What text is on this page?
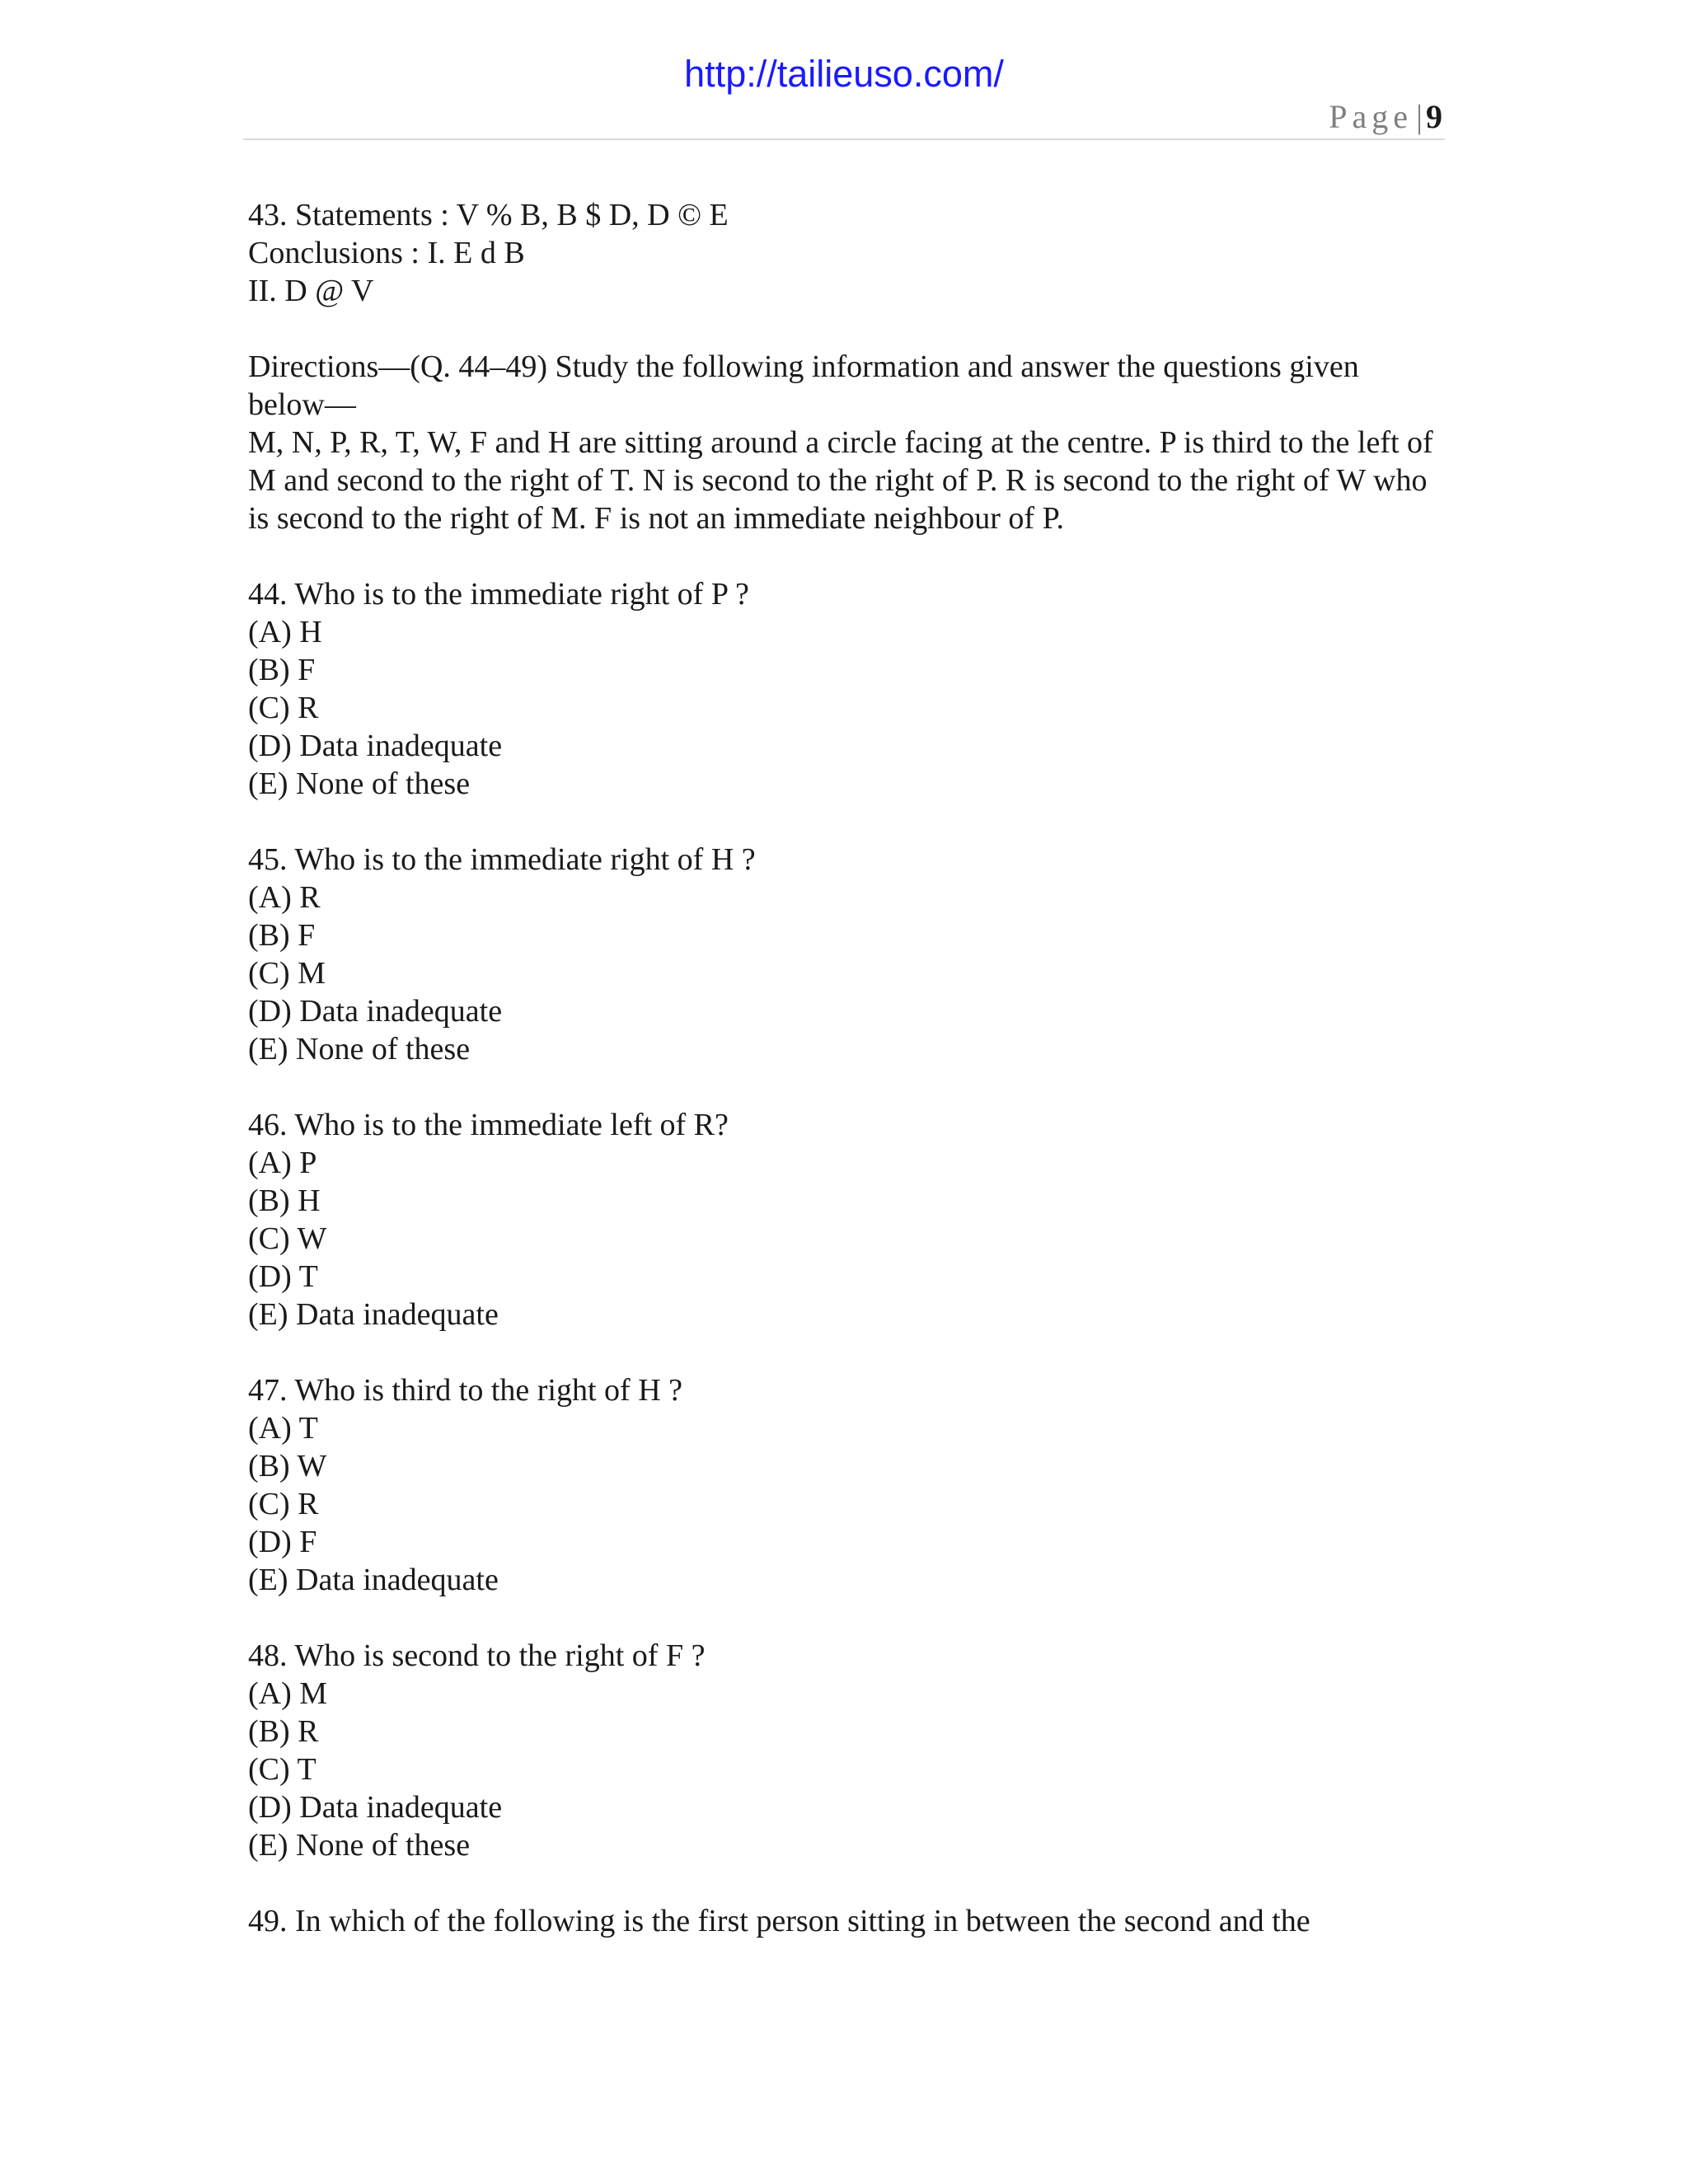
http://tailieuso.com/
Page | 9
43. Statements : V % B, B $ D, D © E
Conclusions : I. E d B
II. D @ V
Directions—(Q. 44–49) Study the following information and answer the questions given below—
M, N, P, R, T, W, F and H are sitting around a circle facing at the centre. P is third to the left of M and second to the right of T. N is second to the right of P. R is second to the right of W who is second to the right of M. F is not an immediate neighbour of P.
44. Who is to the immediate right of P ?
(A) H
(B) F
(C) R
(D) Data inadequate
(E) None of these
45. Who is to the immediate right of H ?
(A) R
(B) F
(C) M
(D) Data inadequate
(E) None of these
46. Who is to the immediate left of R?
(A) P
(B) H
(C) W
(D) T
(E) Data inadequate
47. Who is third to the right of H ?
(A) T
(B) W
(C) R
(D) F
(E) Data inadequate
48. Who is second to the right of F ?
(A) M
(B) R
(C) T
(D) Data inadequate
(E) None of these
49. In which of the following is the first person sitting in between the second and the
